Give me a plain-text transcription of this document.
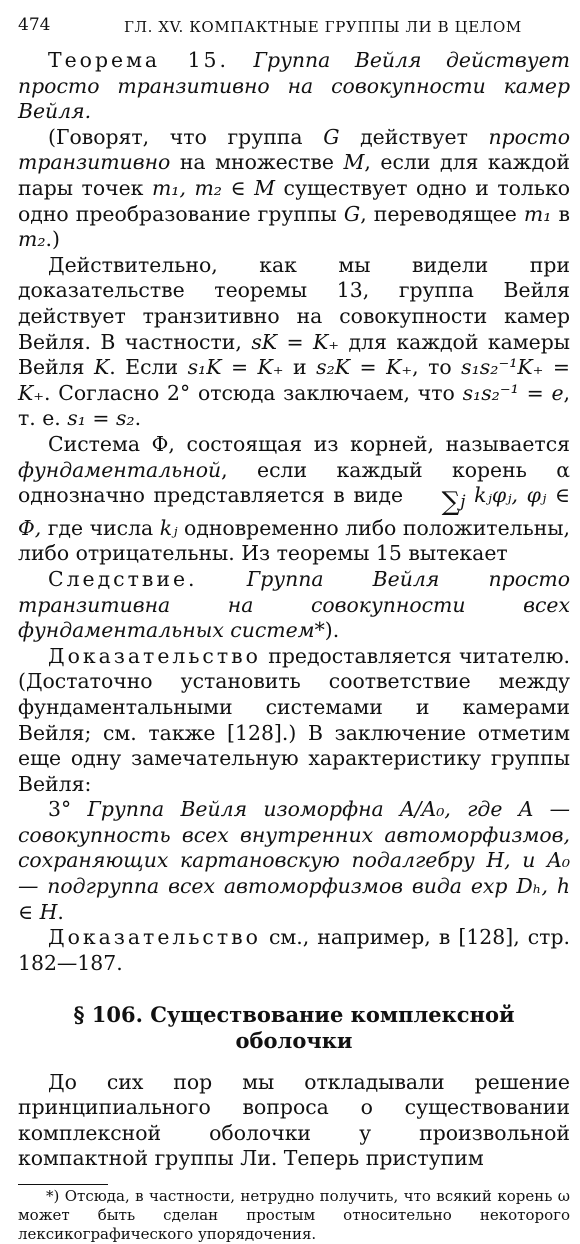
474	ГЛ. XV. КОМПАКТНЫЕ ГРУППЫ ЛИ В ЦЕЛОМ

Теорема 15. Группа Вейля действует просто транзитивно на совокупности камер Вейля.

(Говорят, что группа G действует просто транзитивно на множестве M, если для каждой пары точек m₁, m₂ ∈ M существует одно и только одно преобразование группы G, переводящее m₁ в m₂.)

Действительно, как мы видели при доказательстве теоремы 13, группа Вейля действует транзитивно на совокупности камер Вейля. В частности, sK = K₊ для каждой камеры Вейля K. Если s₁K = K₊ и s₂K = K₊, то s₁s₂⁻¹K₊ = K₊. Согласно 2° отсюда заключаем, что s₁s₂⁻¹ = e, т. е. s₁ = s₂.

Система Φ, состоящая из корней, называется фундаментальной, если каждый корень α однозначно представляется в виде $\sum_j$ kⱼφⱼ, φⱼ ∈ Φ, где числа kⱼ одновременно либо положительны, либо отрицательны. Из теоремы 15 вытекает

Следствие. Группа Вейля просто транзитивна на совокупности всех фундаментальных систем*).

Доказательство предоставляется читателю. (Достаточно установить соответствие между фундаментальными системами и камерами Вейля; см. также [128].) В заключение отметим еще одну замечательную характеристику группы Вейля:

3° Группа Вейля изоморфна A/A₀, где A — совокупность всех внутренних автоморфизмов, сохраняющих картановскую подалгебру H, и A₀ — подгруппа всех автоморфизмов вида exp Dₕ, h ∈ H.

Доказательство см., например, в [128], стр. 182—187.

§ 106. Существование комплексной оболочки

До сих пор мы откладывали решение принципиального вопроса о существовании комплексной оболочки у произвольной компактной группы Ли. Теперь приступим

*) Отсюда, в частности, нетрудно получить, что всякий корень ω может быть сделан простым относительно некоторого лексикографического упорядочения.
